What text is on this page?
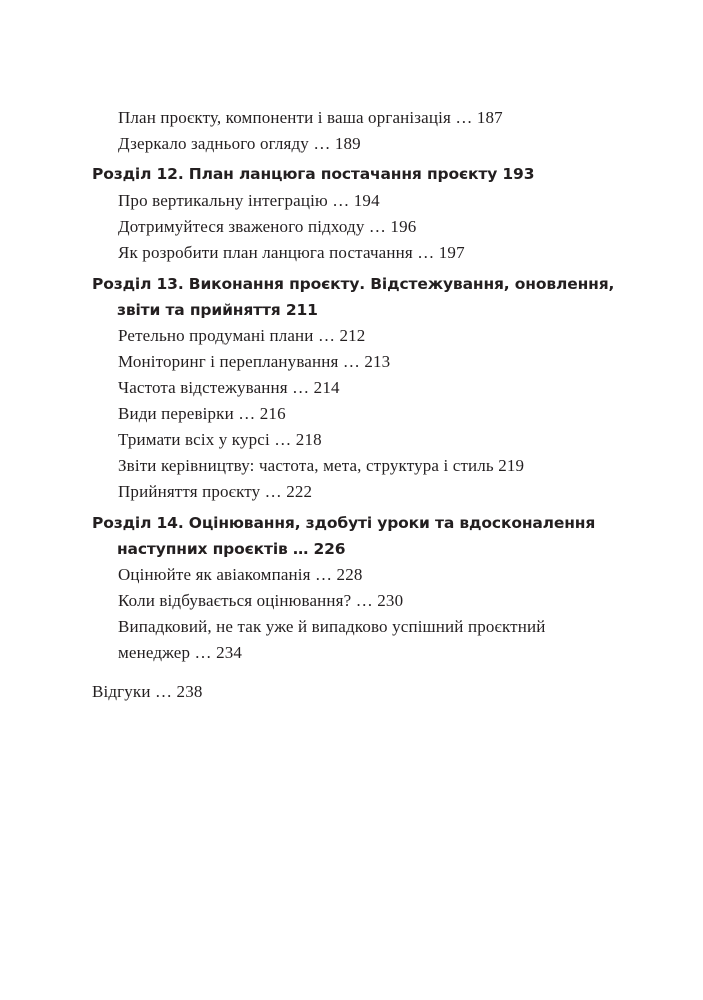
План проєкту, компоненти і ваша організація … 187
Дзеркало заднього огляду … 189
Розділ 12. План ланцюга постачання проєкту 193
Про вертикальну інтеграцію … 194
Дотримуйтеся зваженого підходу … 196
Як розробити план ланцюга постачання … 197
Розділ 13. Виконання проєкту. Відстежування, оновлення,
звіти та прийняття 211
Ретельно продумані плани … 212
Моніторинг і перепланування … 213
Частота відстежування … 214
Види перевірки … 216
Тримати всіх у курсі … 218
Звіти керівництву: частота, мета, структура і стиль 219
Прийняття проєкту … 222
Розділ 14. Оцінювання, здобуті уроки та вдосконалення
наступних проєктів … 226
Оцінюйте як авіакомпанія … 228
Коли відбувається оцінювання? … 230
Випадковий, не так уже й випадково успішний проєктний
менеджер … 234
Відгуки … 238
